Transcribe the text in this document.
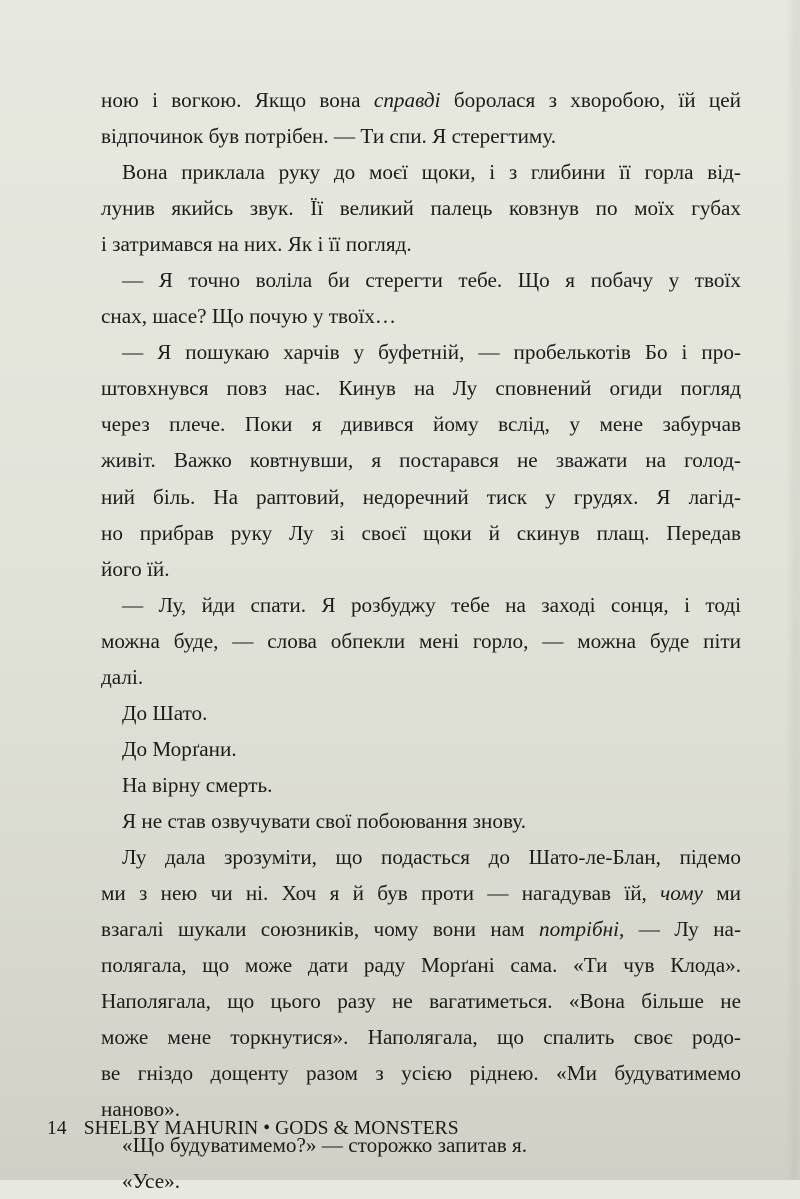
ною і вогкою. Якщо вона справді боролася з хворобою, їй цей
відпочинок був потрібен. — Ти спи. Я стерегтиму.
Вона приклала руку до моєї щоки, і з глибини її горла від-
лунив якийсь звук. Її великий палець ковзнув по моїх губах
і затримався на них. Як і її погляд.
— Я точно воліла би стерегти тебе. Що я побачу у твоїх
снах, шасе? Що почую у твоїх…
— Я пошукаю харчів у буфетній, — пробелькотів Бо і про-
штовхнувся повз нас. Кинув на Лу сповнений огиди погляд
через плече. Поки я дивився йому вслід, у мене забурчав
живіт. Важко ковтнувши, я постарався не зважати на голод-
ний біль. На раптовий, недоречний тиск у грудях. Я лагід-
но прибрав руку Лу зі своєї щоки й скинув плащ. Передав
його їй.
— Лу, йди спати. Я розбуджу тебе на заході сонця, і тоді
можна буде, — слова обпекли мені горло, — можна буде піти
далі.
До Шато.
До Морґани.
На вірну смерть.
Я не став озвучувати свої побоювання знову.
Лу дала зрозуміти, що подасться до Шато-ле-Блан, підемо
ми з нею чи ні. Хоч я й був проти — нагадував їй, чому ми
взагалі шукали союзників, чому вони нам потрібні, — Лу на-
полягала, що може дати раду Морґані сама. «Ти чув Клода».
Наполягала, що цього разу не вагатиметься. «Вона більше не
може мене торкнутися». Наполягала, що спалить своє родо-
ве гніздо дощенту разом з усією ріднею. «Ми будуватимемо
наново».
«Що будуватимемо?» — сторожко запитав я.
«Усе».
14 SHELBY MAHURIN • GODS & MONSTERS
